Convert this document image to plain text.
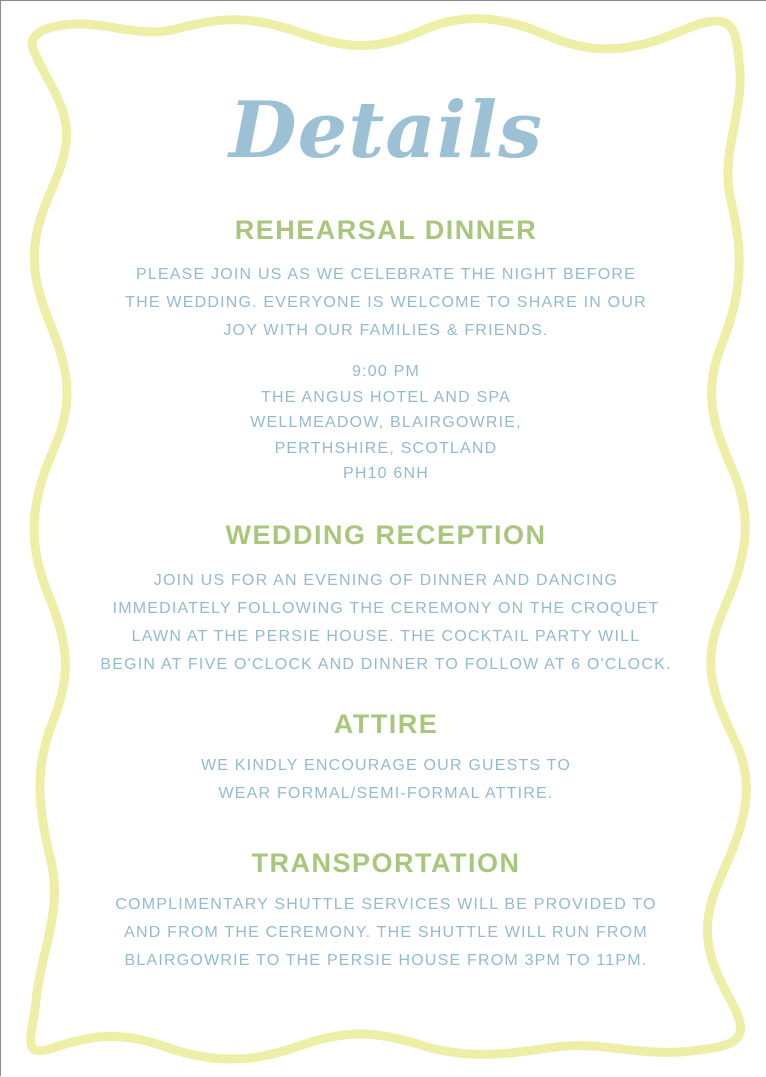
Details
REHEARSAL DINNER

PLEASE JOIN US AS WE CELEBRATE THE NIGHT BEFORE
THE WEDDING. EVERYONE IS WELCOME TO SHARE IN OUR
JOY WITH OUR FAMILIES & FRIENDS.

9:00 PM
THE ANGUS HOTEL AND SPA
WELLMEADOW, BLAIRGOWRIE,
PERTHSHIRE, SCOTLAND
PH10 6NH

WEDDING RECEPTION

JOIN US FOR AN EVENING OF DINNER AND DANCING
IMMEDIATELY FOLLOWING THE CEREMONY ON THE CROQUET
LAWN AT THE PERSIE HOUSE. THE COCKTAIL PARTY WILL
BEGIN AT FIVE O'CLOCK AND DINNER TO FOLLOW AT 6 O'CLOCK.

ATTIRE

WE KINDLY ENCOURAGE OUR GUESTS TO
WEAR FORMAL/SEMI-FORMAL ATTIRE.

TRANSPORTATION

COMPLIMENTARY SHUTTLE SERVICES WILL BE PROVIDED TO
AND FROM THE CEREMONY. THE SHUTTLE WILL RUN FROM
BLAIRGOWRIE TO THE PERSIE HOUSE FROM 3PM TO 11PM.
